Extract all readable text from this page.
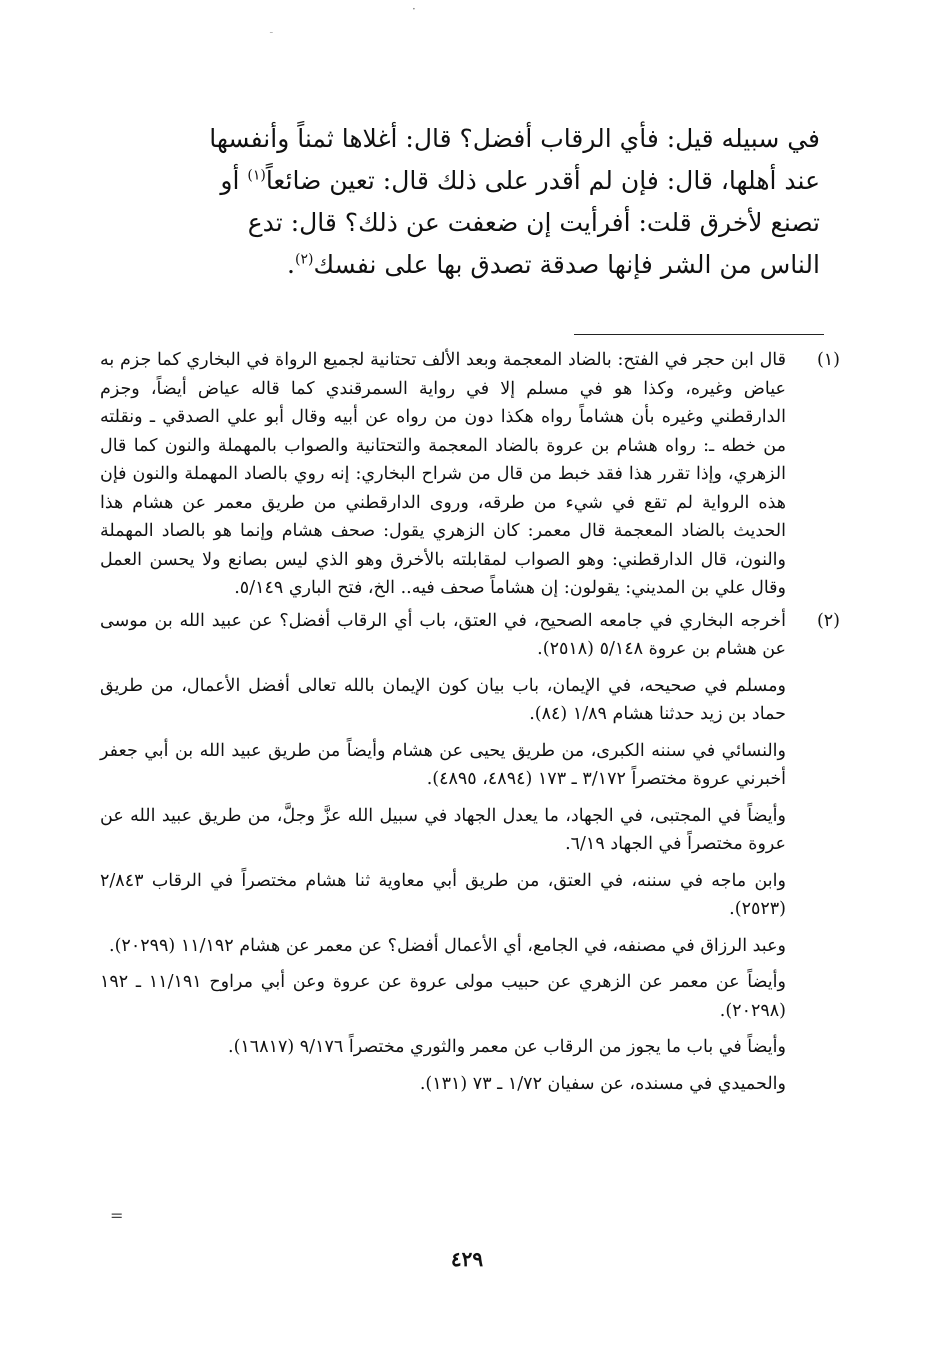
·
ـ

في سبيله قيل: فأي الرقاب أفضل؟ قال: أغلاها ثمناً وأنفسها

عند أهلها، قال: فإن لم أقدر على ذلك قال: تعين ضائعاً$^{(١)}$ أو

تصنع لأخرق قلت: أفرأيت إن ضعفت عن ذلك؟ قال: تدع

الناس من الشر فإنها صدقة تصدق بها على نفسك$^{(٢)}$.

(١)
قال ابن حجر في الفتح: بالضاد المعجمة وبعد الألف تحتانية لجميع الرواة في البخاري كما جزم به عياض وغيره، وكذا هو في مسلم إلا في رواية السمرقندي كما قاله عياض أيضاً، وجزم الدارقطني وغيره بأن هشاماً رواه هكذا دون من رواه عن أبيه وقال أبو علي الصدقي ـ ونقلته من خطه ـ: رواه هشام بن عروة بالضاد المعجمة والتحتانية والصواب بالمهملة والنون كما قال الزهري، وإذا تقرر هذا فقد خبط من قال من شراح البخاري: إنه روي بالصاد المهملة والنون فإن هذه الرواية لم تقع في شيء من طرقه، وروى الدارقطني من طريق معمر عن هشام هذا الحديث بالضاد المعجمة قال معمر: كان الزهري يقول: صحف هشام وإنما هو بالصاد المهملة والنون، قال الدارقطني: وهو الصواب لمقابلته بالأخرق وهو الذي ليس بصانع ولا يحسن العمل وقال علي بن المديني: يقولون: إن هشاماً صحف فيه.. الخ، فتح الباري ٥/١٤٩.
(٢)

أخرجه البخاري في جامعه الصحيح، في العتق، باب أي الرقاب أفضل؟ عن عبيد الله بن موسى عن هشام بن عروة ٥/١٤٨ (٢٥١٨).

ومسلم في صحيحه، في الإيمان، باب بيان كون الإيمان بالله تعالى أفضل الأعمال، من طريق حماد بن زيد حدثنا هشام ١/٨٩ (٨٤).

والنسائي في سننه الكبرى، من طريق يحيى عن هشام وأيضاً من طريق عبيد الله بن أبي جعفر أخبرني عروة مختصراً ٣/١٧٢ ـ ١٧٣ (٤٨٩٤، ٤٨٩٥).

وأيضاً في المجتبى، في الجهاد، ما يعدل الجهاد في سبيل الله عزَّ وجلَّ، من طريق عبيد الله عن عروة مختصراً في الجهاد ٦/١٩.

وابن ماجه في سننه، في العتق، من طريق أبي معاوية ثنا هشام مختصراً في الرقاب ٢/٨٤٣ (٢٥٢٣).

وعبد الرزاق في مصنفه، في الجامع، أي الأعمال أفضل؟ عن معمر عن هشام ١١/١٩٢ (٢٠٢٩٩).

وأيضاً عن معمر عن الزهري عن حبيب مولى عروة عن عروة وعن أبي مراوح ١١/١٩١ ـ ١٩٢ (٢٠٢٩٨).

وأيضاً في باب ما يجوز من الرقاب عن معمر والثوري مختصراً ٩/١٧٦ (١٦٨١٧).

والحميدي في مسنده، عن سفيان ١/٧٢ ـ ٧٣ (١٣١).

=
٤٢٩
